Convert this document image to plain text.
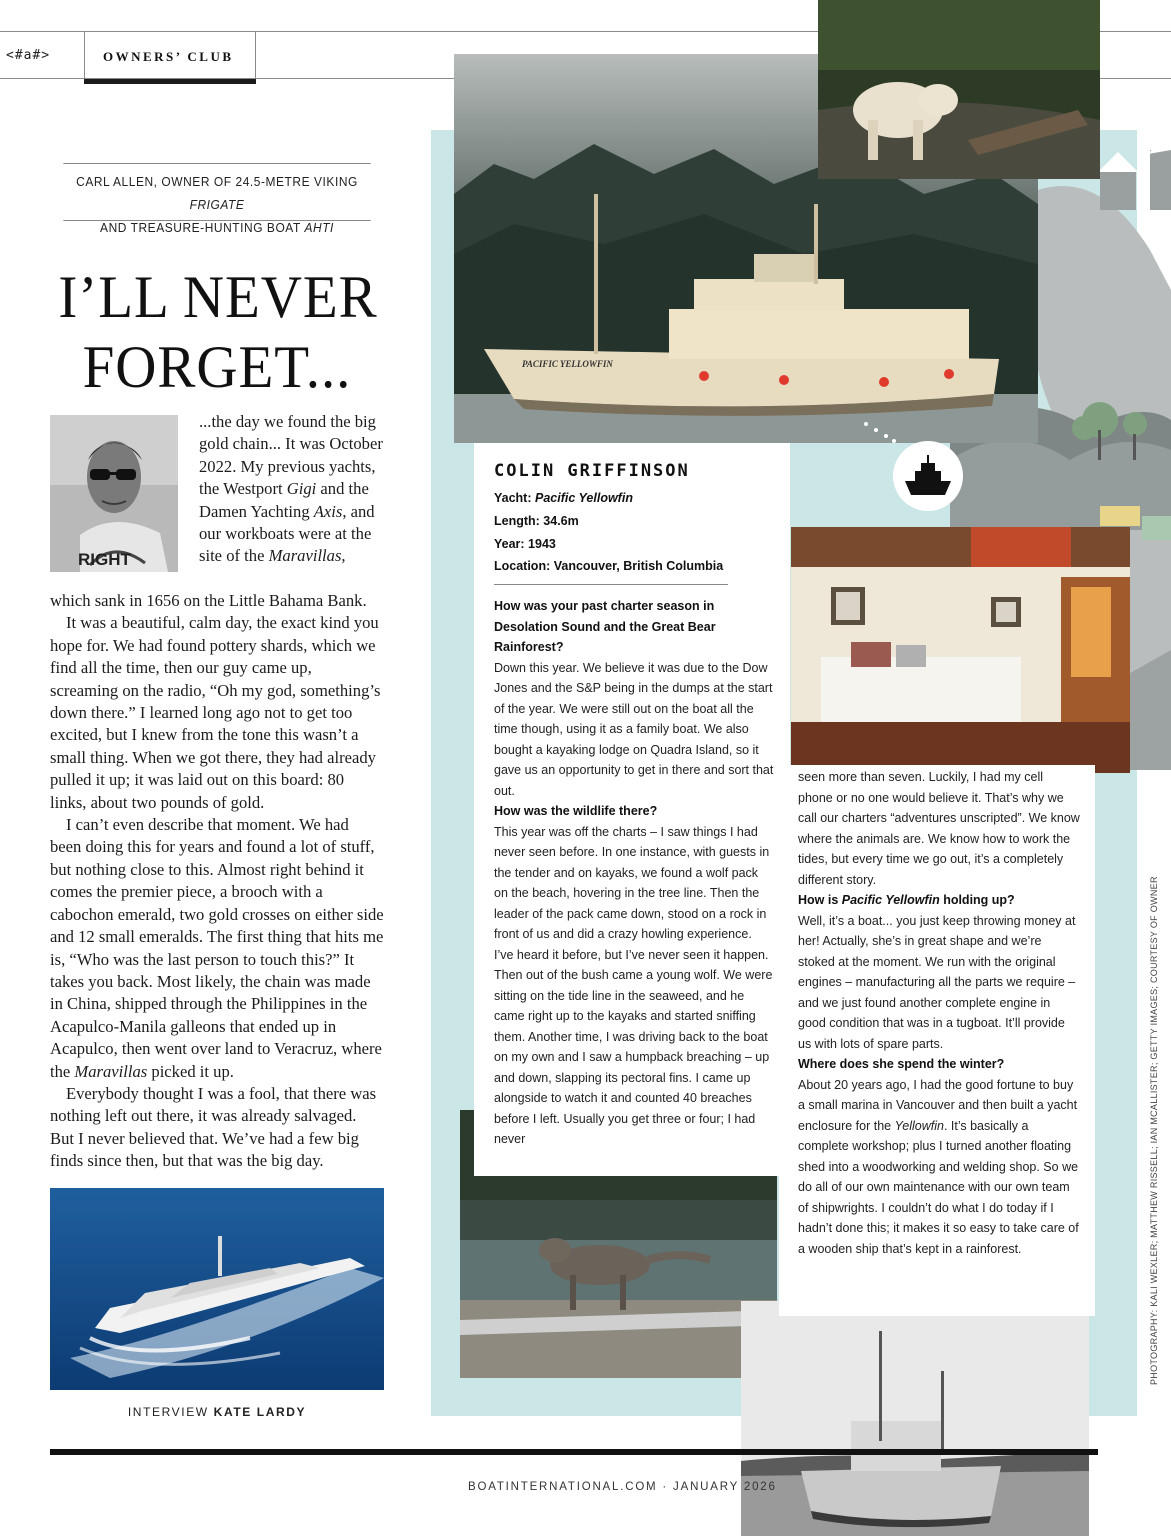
<#a#>	OWNERS’ CLUB
CARL ALLEN, OWNER OF 24.5-METRE VIKING FRIGATE
AND TREASURE-HUNTING BOAT AHTI
I’LL NEVER
FORGET...
RIGHT
...the day we found the big gold chain... It was October 2022. My previous yachts, the Westport Gigi and the Damen Yachting Axis, and our workboats were at the site of the Maravillas,

which sank in 1656 on the Little Bahama Bank.

It was a beautiful, calm day, the exact kind you hope for. We had found pottery shards, which we find all the time, then our guy came up, screaming on the radio, “Oh my god, something’s down there.” I learned long ago not to get too excited, but I knew from the tone this wasn’t a small thing. When we got there, they had already pulled it up; it was laid out on this board: 80 links, about two pounds of gold.

I can’t even describe that moment. We had been doing this for years and found a lot of stuff, but nothing close to this. Almost right behind it comes the premier piece, a brooch with a cabochon emerald, two gold crosses on either side and 12 small emeralds. The first thing that hits me is, “Who was the last person to touch this?” It takes you back. Most likely, the chain was made in China, shipped through the Philippines in the Acapulco-Manila galleons that ended up in Acapulco, then went over land to Veracruz, where the Maravillas picked it up.

Everybody thought I was a fool, that there was nothing left out there, it was already salvaged. But I never believed that. We’ve had a few big finds since then, but that was the big day.

INTERVIEW KATE LARDY
PACIFIC YELLOWFIN
COLIN GRIFFINSON
Yacht: Pacific Yellowfin
Length: 34.6m
Year: 1943
Location: Vancouver, British Columbia

How was your past charter season in Desolation Sound and the Great Bear Rainforest?

Down this year. We believe it was due to the Dow Jones and the S&P being in the dumps at the start of the year. We were still out on the boat all the time though, using it as a family boat. We also bought a kayaking lodge on Quadra Island, so it gave us an opportunity to get in there and sort that out.

How was the wildlife there?

This year was off the charts – I saw things I had never seen before. In one instance, with guests in the tender and on kayaks, we found a wolf pack on the beach, hovering in the tree line. Then the leader of the pack came down, stood on a rock in front of us and did a crazy howling experience. I’ve heard it before, but I’ve never seen it happen. Then out of the bush came a young wolf. We were sitting on the tide line in the seaweed, and he came right up to the kayaks and started sniffing them. Another time, I was driving back to the boat on my own and I saw a humpback breaching – up and down, slapping its pectoral fins. I came up alongside to watch it and counted 40 breaches before I left. Usually you get three or four; I had never

seen more than seven. Luckily, I had my cell phone or no one would believe it. That’s why we call our charters “adventures unscripted”. We know where the animals are. We know how to work the tides, but every time we go out, it’s a completely different story.

How is Pacific Yellowfin holding up?

Well, it’s a boat... you just keep throwing money at her! Actually, she’s in great shape and we’re stoked at the moment. We run with the original engines – manufacturing all the parts we require – and we just found another complete engine in good condition that was in a tugboat. It’ll provide us with lots of spare parts.

Where does she spend the winter?

About 20 years ago, I had the good fortune to buy a small marina in Vancouver and then built a yacht enclosure for the Yellowfin. It’s basically a complete workshop; plus I turned another floating shed into a woodworking and welding shop. So we do all of our own maintenance with our own team of shipwrights. I couldn’t do what I do today if I hadn’t done this; it makes it so easy to take care of a wooden ship that’s kept in a rainforest.	PHOTOGRAPHY: KALI WEXLER; MATTHEW RISSELL; IAN MCALLISTER; GETTY IMAGES; COURTESY OF OWNER
BOATINTERNATIONAL.COM · JANUARY 2026
